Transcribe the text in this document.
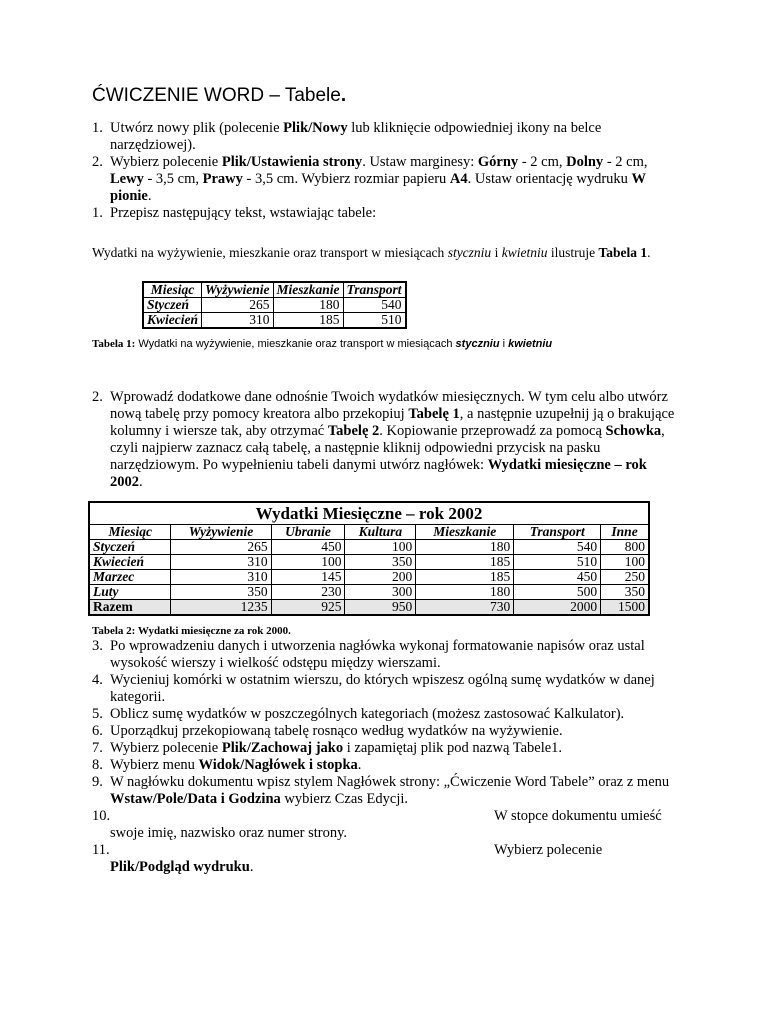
ĆWICZENIE WORD – Tabele.
1. Utwórz nowy plik (polecenie Plik/Nowy lub kliknięcie odpowiedniej ikony na belce narzędziowej).
2. Wybierz polecenie Plik/Ustawienia strony. Ustaw marginesy: Górny - 2 cm, Dolny - 2 cm, Lewy - 3,5 cm, Prawy - 3,5 cm. Wybierz rozmiar papieru A4. Ustaw orientację wydruku W pionie.
1. Przepisz następujący tekst, wstawiając tabele:

Wydatki na wyżywienie, mieszkanie oraz transport w miesiącach styczniu i kwietniu ilustruje Tabela 1.

Miesiąc	Wyżywienie	Mieszkanie	Transport
Styczeń	265	180	540
Kwiecień	310	185	510

Tabela 1: Wydatki na wyżywienie, mieszkanie oraz transport w miesiącach styczniu i kwietniu

2. Wprowadź dodatkowe dane odnośnie Twoich wydatków miesięcznych. W tym celu albo utwórz nową tabelę przy pomocy kreatora albo przekopiuj Tabelę 1, a następnie uzupełnij ją o brakujące kolumny i wiersze tak, aby otrzymać Tabelę 2. Kopiowanie przeprowadź za pomocą Schowka, czyli najpierw zaznacz całą tabelę, a następnie kliknij odpowiedni przycisk na pasku narzędziowym. Po wypełnieniu tabeli danymi utwórz nagłówek: Wydatki miesięczne – rok 2002.
Wydatki Miesięczne – rok 2002						
Miesiąc	Wyżywienie	Ubranie	Kultura	Mieszkanie	Transport	Inne
Styczeń	265	450	100	180	540	800
Kwiecień	310	100	350	185	510	100
Marzec	310	145	200	185	450	250
Luty	350	230	300	180	500	350
Razem	1235	925	950	730	2000	1500

Tabela 2: Wydatki miesięczne za rok 2000.

3. Po wprowadzeniu danych i utworzenia nagłówka wykonaj formatowanie napisów oraz ustal wysokość wierszy i wielkość odstępu między wierszami.
4. Wycieniuj komórki w ostatnim wierszu, do których wpiszesz ogólną sumę wydatków w danej kategorii.
5. Oblicz sumę wydatków w poszczególnych kategoriach (możesz zastosować Kalkulator).
6. Uporządkuj przekopiowaną tabelę rosnąco według wydatków na wyżywienie.
7. Wybierz polecenie Plik/Zachowaj jako i zapamiętaj plik pod nazwą Tabele1.
8. Wybierz menu Widok/Nagłówek i stopka.
9. W nagłówku dokumentu wpisz stylem Nagłówek strony: „Ćwiczenie Word Tabele” oraz z menu Wstaw/Pole/Data i Godzina wybierz Czas Edycji.
10.	W stopce dokumentu umieść
swoje imię, nazwisko oraz numer strony.
11.	Wybierz polecenie
Plik/Podgląd wydruku.
